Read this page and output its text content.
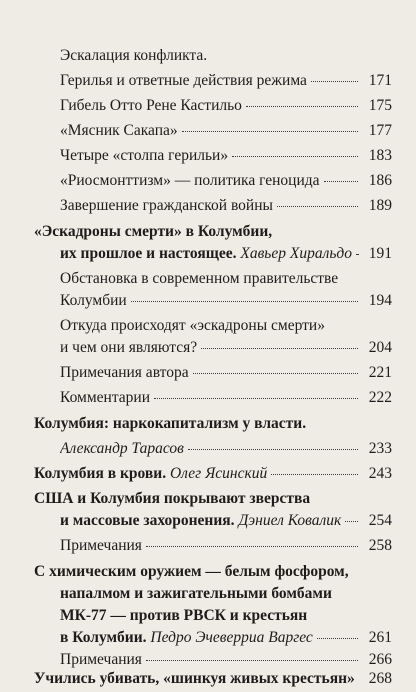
Эскалация конфликта.
Герилья и ответные действия режима	171
Гибель Отто Рене Кастильо	175
«Мясник Сакапа»	177
Четыре «столпа герильи»	183
«Риосмонттизм» — политика геноцида	186
Завершение гражданской войны	189
«Эскадроны смерти» в Колумбии,
их прошлое и настоящее.
Хавьер Хиральдо	191
Обстановка в современном правительстве
Колумбии	194
Откуда происходят «эскадроны смерти»
и чем они являются?	204
Примечания автора	221
Комментарии	222
Колумбия: наркокапитализм у власти.
Александр Тарасов	233
Колумбия в крови.
Олег Ясинский	243
США и Колумбия покрывают зверства
и массовые захоронения.
Дэниел Ковалик	254
Примечания	258
С химическим оружием — белым фосфором,
напалмом и зажигательными бомбами
МК-77 — против РВСК и крестьян
в Колумбии.
Педро Эчеверриа Варгес	261
Примечания	266
Учились убивать, «шинкуя живых крестьян» 268
